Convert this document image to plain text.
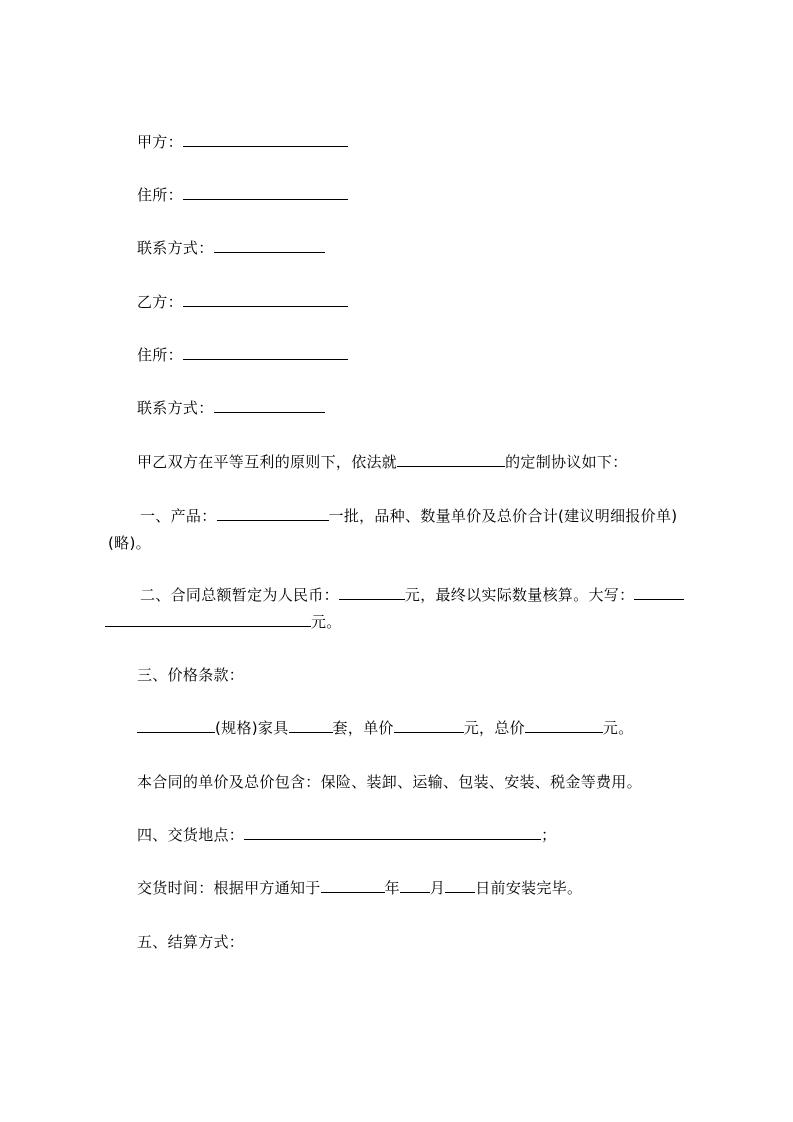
甲方：
住所：
联系方式：
乙方：
住所：
联系方式：
甲乙双方在平等互利的原则下，依法就	的定制协议如下：
一、产品：	一批，品种、数量单价及总价合计(建议明细报价单)
(略)。
二、合同总额暂定为人民币：	元，最终以实际数量核算。大写：
元。
三、价格条款：
(规格)家具	套，单价	元，总价	元。
本合同的单价及总价包含：保险、装卸、运输、包装、安装、税金等费用。
四、交货地点：	；
交货时间：根据甲方通知于	年 月 日前安装完毕。
五、结算方式：
